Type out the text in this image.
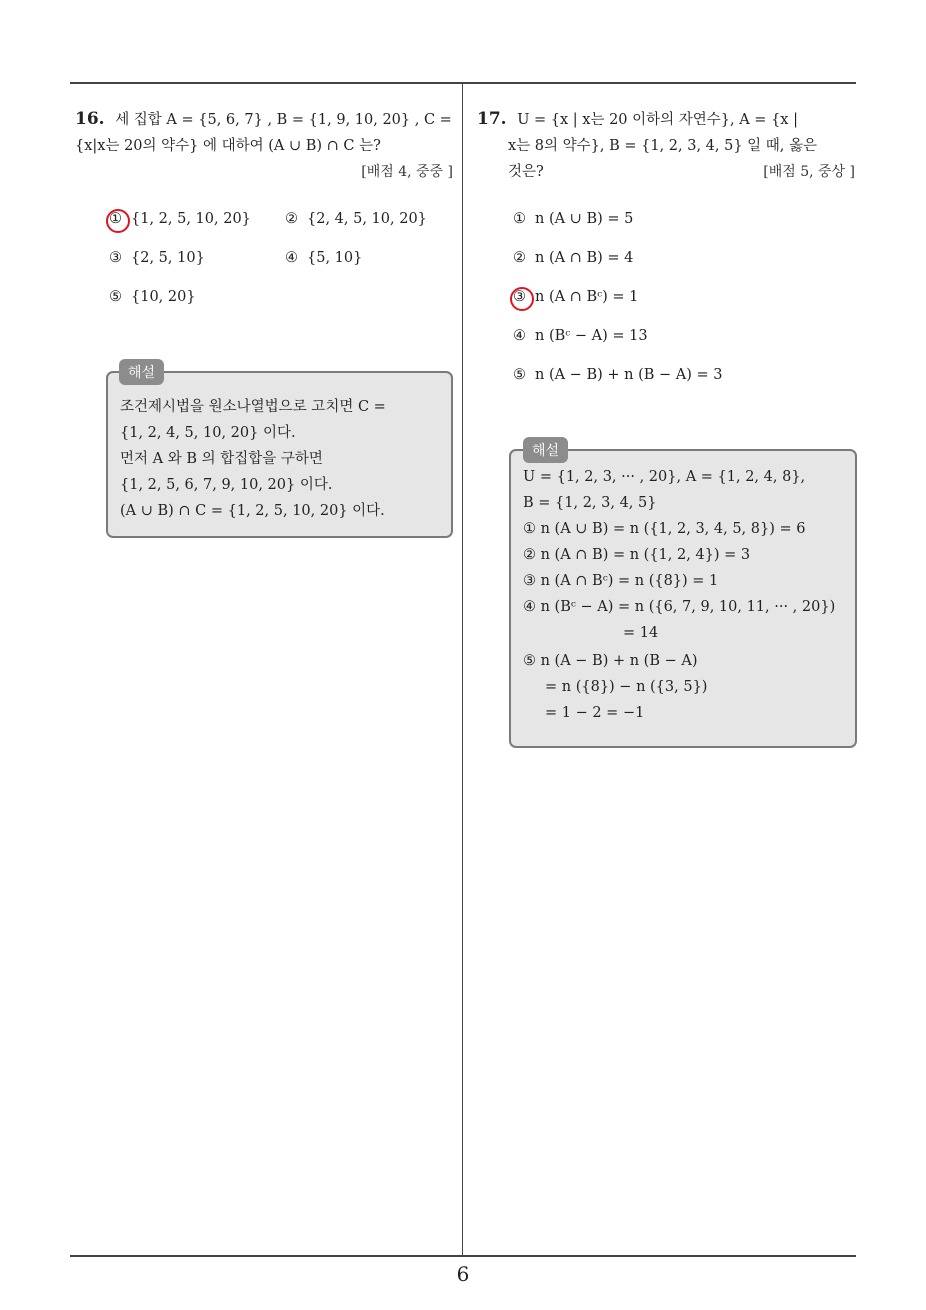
16. 세 집합 A = {5, 6, 7} , B = {1, 9, 10, 20} , C =
{x|x는 20의 약수} 에 대하여 (A ∪ B) ∩ C 는?
[배점 4, 중중 ]
① {1, 2, 5, 10, 20} ② {2, 4, 5, 10, 20}
③ {2, 5, 10}	④ {5, 10}
⑤ {10, 20}
조건제시법을 원소나열법으로 고치면 C =
{1, 2, 4, 5, 10, 20} 이다.
먼저 A 와 B 의 합집합을 구하면
{1, 2, 5, 6, 7, 9, 10, 20} 이다.
(A ∪ B) ∩ C = {1, 2, 5, 10, 20} 이다.
해설
17. U = {x | x는 20 이하의 자연수}, A = {x |
x는 8의 약수}, B = {1, 2, 3, 4, 5} 일 때, 옳은
것은?	[배점 5, 중상 ]
① n (A ∪ B) = 5
② n (A ∩ B) = 4
③ n (A ∩ Bᶜ) = 1
④ n (Bᶜ − A) = 13
⑤ n (A − B) + n (B − A) = 3
U = {1, 2, 3, ··· , 20}, A = {1, 2, 4, 8},
B = {1, 2, 3, 4, 5}
① n (A ∪ B) = n ({1, 2, 3, 4, 5, 8}) = 6
② n (A ∩ B) = n ({1, 2, 4}) = 3
③ n (A ∩ Bᶜ) = n ({8}) = 1
④ n (Bᶜ − A) = n ({6, 7, 9, 10, 11, ··· , 20})
= 14
⑤ n (A − B) + n (B − A)
= n ({8}) − n ({3, 5})
= 1 − 2 = −1
해설
6
